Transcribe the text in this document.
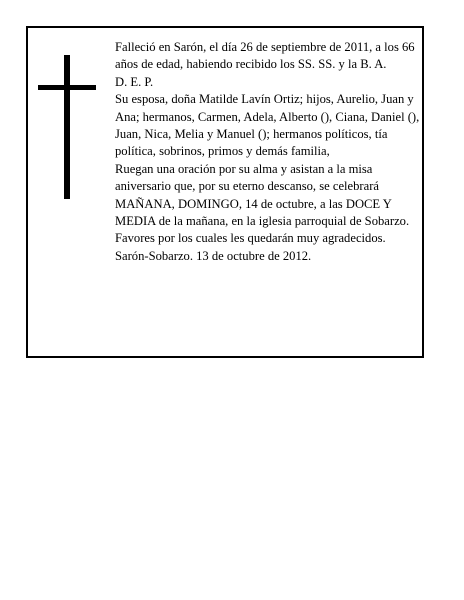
Falleció en Sarón, el día 26 de septiembre de 2011, a los 66 años de edad, habiendo recibido los SS. SS. y la B. A.

D. E. P.

Su esposa, doña Matilde Lavín Ortiz; hijos, Aurelio, Juan y Ana; hermanos, Carmen, Adela, Alberto (), Ciana, Daniel (), Juan, Nica, Melia y Manuel (); hermanos políticos, tía política, sobrinos, primos y demás familia,

Ruegan una oración por su alma y asistan a la misa aniversario que, por su eterno descanso, se celebrará MAÑANA, DOMINGO, 14 de octubre, a las DOCE Y MEDIA de la mañana, en la iglesia parroquial de Sobarzo. Favores por los cuales les quedarán muy agradecidos.

Sarón-Sobarzo. 13 de octubre de 2012.
